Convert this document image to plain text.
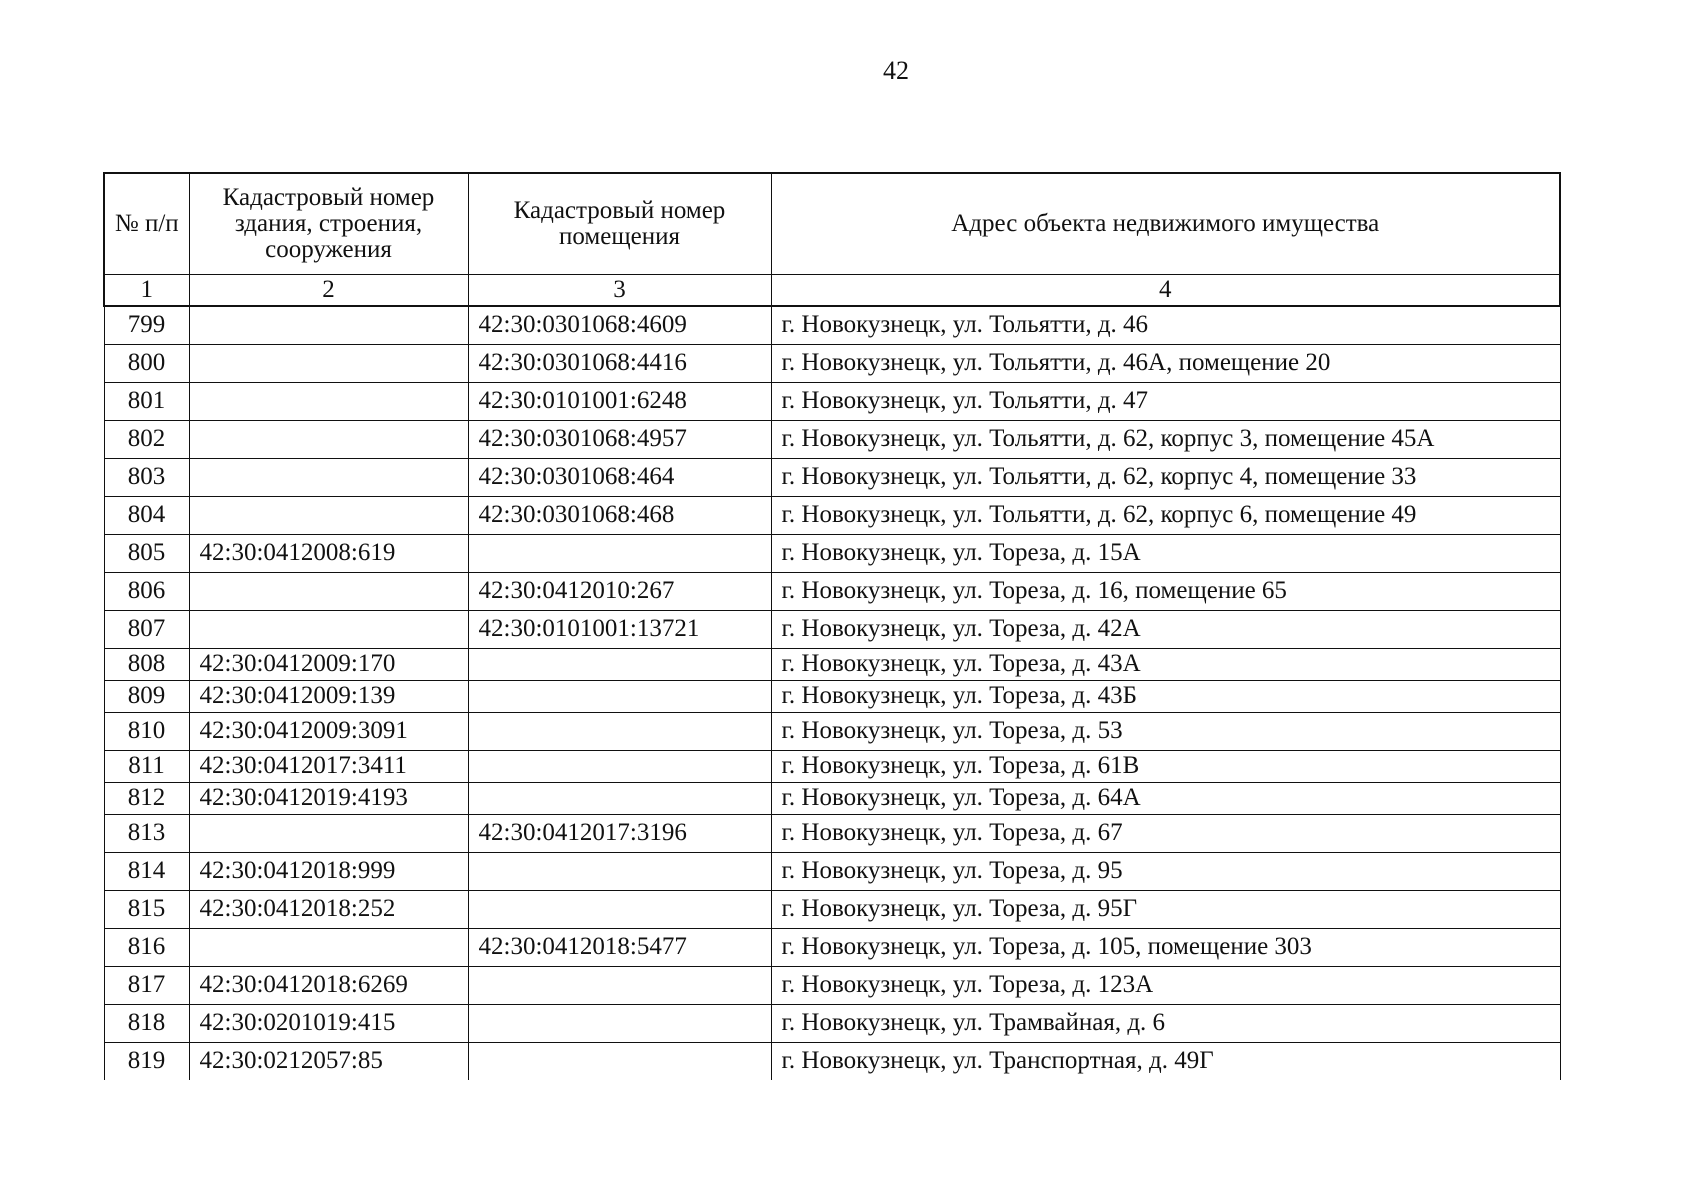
42
№ п/п	Кадастровый номер здания, строения, сооружения	Кадастровый номер помещения	Адрес объекта недвижимого имущества
1	2	3	4
799		42:30:0301068:4609	г. Новокузнецк, ул. Тольятти, д. 46
800		42:30:0301068:4416	г. Новокузнецк, ул. Тольятти, д. 46А, помещение 20
801		42:30:0101001:6248	г. Новокузнецк, ул. Тольятти, д. 47
802		42:30:0301068:4957	г. Новокузнецк, ул. Тольятти, д. 62, корпус 3, помещение 45А
803		42:30:0301068:464	г. Новокузнецк, ул. Тольятти, д. 62, корпус 4, помещение 33
804		42:30:0301068:468	г. Новокузнецк, ул. Тольятти, д. 62, корпус 6, помещение 49
805	42:30:0412008:619		г. Новокузнецк, ул. Тореза, д. 15А
806		42:30:0412010:267	г. Новокузнецк, ул. Тореза, д. 16, помещение 65
807		42:30:0101001:13721	г. Новокузнецк, ул. Тореза, д. 42А
808	42:30:0412009:170		г. Новокузнецк, ул. Тореза, д. 43А
809	42:30:0412009:139		г. Новокузнецк, ул. Тореза, д. 43Б
810	42:30:0412009:3091		г. Новокузнецк, ул. Тореза, д. 53
811	42:30:0412017:3411		г. Новокузнецк, ул. Тореза, д. 61В
812	42:30:0412019:4193		г. Новокузнецк, ул. Тореза, д. 64А
813		42:30:0412017:3196	г. Новокузнецк, ул. Тореза, д. 67
814	42:30:0412018:999		г. Новокузнецк, ул. Тореза, д. 95
815	42:30:0412018:252		г. Новокузнецк, ул. Тореза, д. 95Г
816		42:30:0412018:5477	г. Новокузнецк, ул. Тореза, д. 105, помещение 303
817	42:30:0412018:6269		г. Новокузнецк, ул. Тореза, д. 123А
818	42:30:0201019:415		г. Новокузнецк, ул. Трамвайная, д. 6
819	42:30:0212057:85		г. Новокузнецк, ул. Транспортная, д. 49Г
